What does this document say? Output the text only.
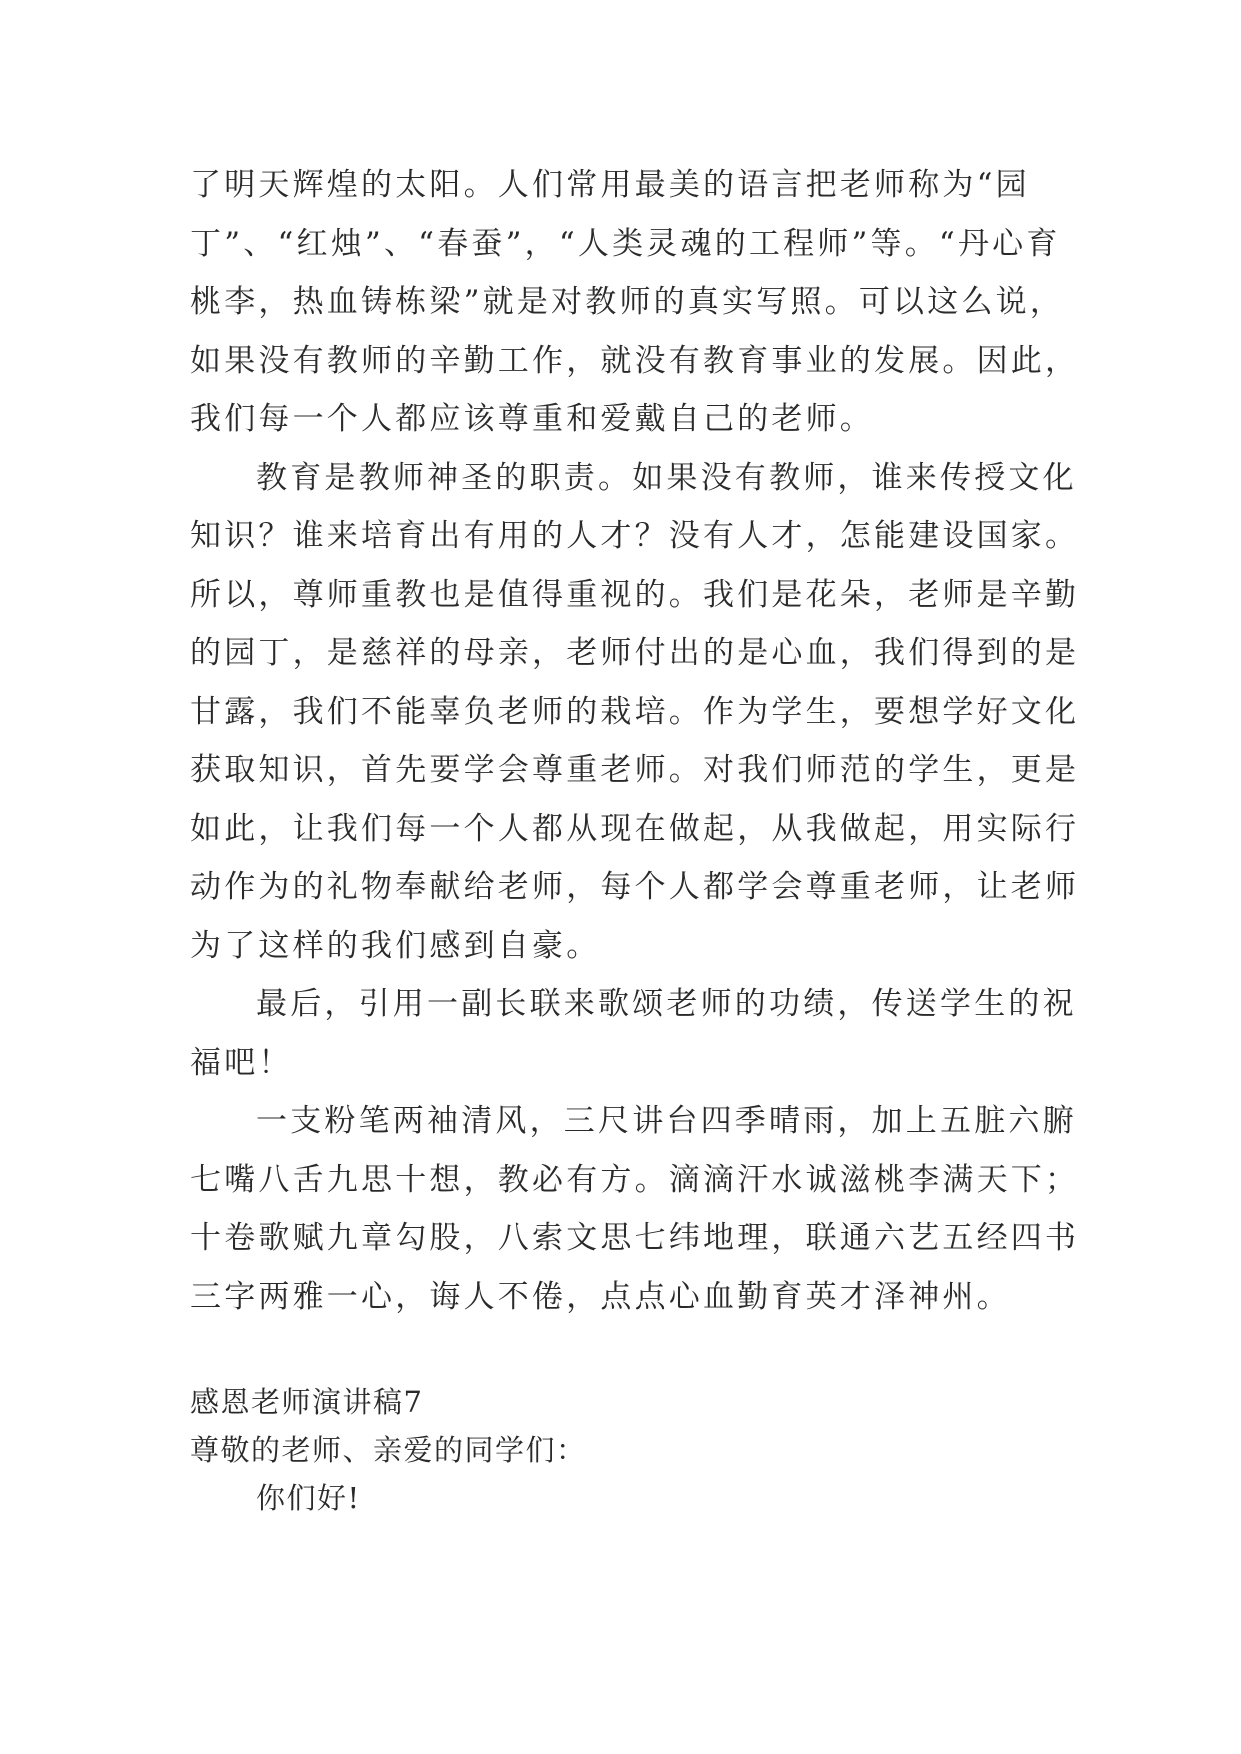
了明天辉煌的太阳。人们常用最美的语言把老师称为“园
丁”、“红烛”、“春蚕”，“人类灵魂的工程师”等。“丹心育
桃李，热血铸栋梁”就是对教师的真实写照。可以这么说，
如果没有教师的辛勤工作，就没有教育事业的发展。因此，
我们每一个人都应该尊重和爱戴自己的老师。
教育是教师神圣的职责。如果没有教师，谁来传授文化
知识？谁来培育出有用的人才？没有人才，怎能建设国家。
所以，尊师重教也是值得重视的。我们是花朵，老师是辛勤
的园丁，是慈祥的母亲，老师付出的是心血，我们得到的是
甘露，我们不能辜负老师的栽培。作为学生，要想学好文化
获取知识，首先要学会尊重老师。对我们师范的学生，更是
如此，让我们每一个人都从现在做起，从我做起，用实际行
动作为的礼物奉献给老师，每个人都学会尊重老师，让老师
为了这样的我们感到自豪。
最后，引用一副长联来歌颂老师的功绩，传送学生的祝
福吧！
一支粉笔两袖清风，三尺讲台四季晴雨，加上五脏六腑
七嘴八舌九思十想，教必有方。滴滴汗水诚滋桃李满天下；
十卷歌赋九章勾股，八索文思七纬地理，联通六艺五经四书
三字两雅一心，诲人不倦，点点心血勤育英才泽神州。
感恩老师演讲稿7
尊敬的老师、亲爱的同学们：
你们好!
